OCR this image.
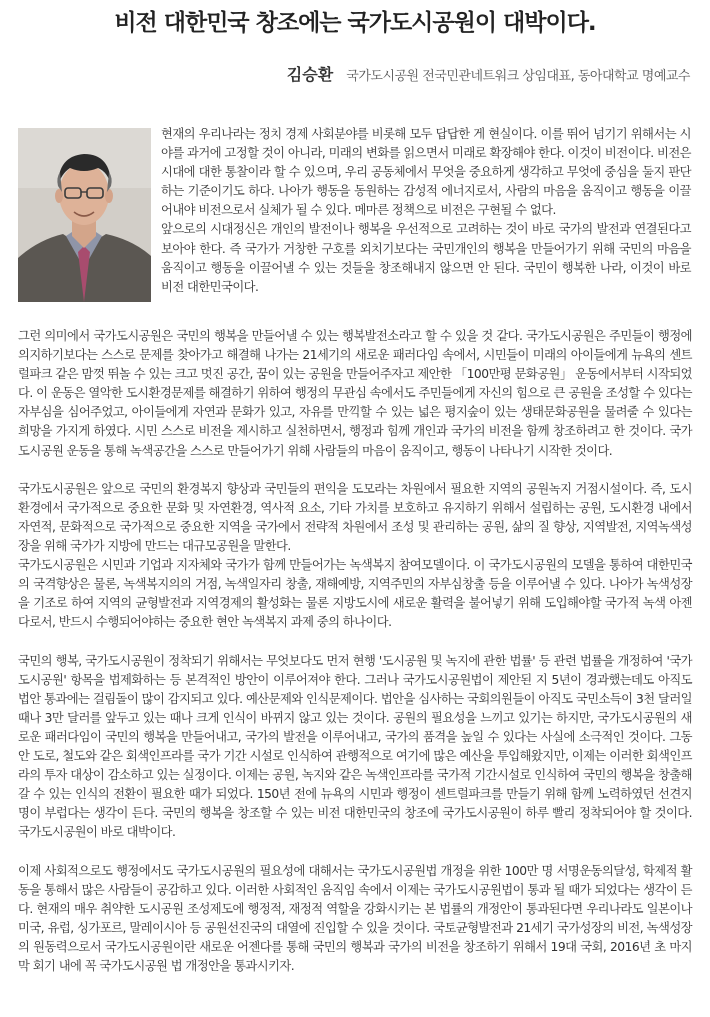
비전 대한민국 창조에는 국가도시공원이 대박이다.
김승환 국가도시공원 전국민관네트워크 상임대표, 동아대학교 명예교수

현재의 우리나라는 정치 경제 사회분야를 비롯해 모두 답답한 게 현실이다. 이를 뛰어 넘기기 위해서는 시야를 과거에 고정할 것이 아니라, 미래의 변화를 읽으면서 미래로 확장해야 한다. 이것이 비전이다. 비전은 시대에 대한 통찰이라 할 수 있으며, 우리 공동체에서 무엇을 중요하게 생각하고 무엇에 중심을 둘지 판단하는 기준이기도 하다. 나아가 행동을 동원하는 감성적 에너지로서, 사람의 마음을 움직이고 행동을 이끌어내야 비전으로서 실체가 될 수 있다. 메마른 정책으로 비전은 구현될 수 없다.

앞으로의 시대정신은 개인의 발전이나 행복을 우선적으로 고려하는 것이 바로 국가의 발전과 연결된다고 보아야 한다. 즉 국가가 거창한 구호를 외치기보다는 국민개인의 행복을 만들어가기 위해 국민의 마음을 움직이고 행동을 이끌어낼 수 있는 것들을 창조해내지 않으면 안 된다. 국민이 행복한 나라, 이것이 바로 비전 대한민국이다.

그런 의미에서 국가도시공원은 국민의 행복을 만들어낼 수 있는 행복발전소라고 할 수 있을 것 같다. 국가도시공원은 주민들이 행정에 의지하기보다는 스스로 문제를 찾아가고 해결해 나가는 21세기의 새로운 패러다임 속에서, 시민들이 미래의 아이들에게 뉴욕의 센트럴파크 같은 맘껏 뛰놀 수 있는 크고 멋진 공간, 꿈이 있는 공원을 만들어주자고 제안한 「100만평 문화공원」 운동에서부터 시작되었다. 이 운동은 열악한 도시환경문제를 해결하기 위하여 행정의 무관심 속에서도 주민들에게 자신의 힘으로 큰 공원을 조성할 수 있다는 자부심을 심어주었고, 아이들에게 자연과 문화가 있고, 자유를 만끽할 수 있는 넓은 평지숲이 있는 생태문화공원을 물려줄 수 있다는 희망을 가지게 하였다. 시민 스스로 비전을 제시하고 실천하면서, 행정과 힘께 개인과 국가의 비전을 함께 창조하려고 한 것이다. 국가도시공원 운동을 통해 녹색공간을 스스로 만들어가기 위해 사람들의 마음이 움직이고, 행동이 나타나기 시작한 것이다.

국가도시공원은 앞으로 국민의 환경복지 향상과 국민들의 편익을 도모라는 차원에서 필요한 지역의 공원녹지 거점시설이다. 즉, 도시환경에서 국가적으로 중요한 문화 및 자연환경, 역사적 요소, 기타 가치를 보호하고 유지하기 위해서 설립하는 공원, 도시환경 내에서 자연적, 문화적으로 국가적으로 중요한 지역을 국가에서 전략적 차원에서 조성 및 관리하는 공원, 삶의 질 향상, 지역발전, 지역녹색성장을 위해 국가가 지방에 만드는 대규모공원을 말한다.

국가도시공원은 시민과 기업과 지자체와 국가가 함께 만들어가는 녹색복지 참여모델이다. 이 국가도시공원의 모델을 통하여 대한민국의 국격향상은 물론, 녹색복지의의 거점, 녹색일자리 창출, 재해예방, 지역주민의 자부심창출 등을 이루어낼 수 있다. 나아가 녹색성장을 기조로 하여 지역의 균형발전과 지역경제의 활성화는 물론 지방도시에 새로운 활력을 불어넣기 위해 도입해야할 국가적 녹색 아젠다로서, 반드시 수행되어야하는 중요한 현안 녹색복지 과제 중의 하나이다.

국민의 행복, 국가도시공원이 정착되기 위해서는 무엇보다도 먼저 현행 '도시공원 및 녹지에 관한 법률' 등 관련 법률을 개정하여 '국가도시공원' 항목을 법제화하는 등 본격적인 방안이 이루어져야 한다. 그러나 국가도시공원법이 제안된 지 5년이 경과했는데도 아직도 법안 통과에는 걸림돌이 많이 감지되고 있다. 예산문제와 인식문제이다. 법안을 심사하는 국회의원들이 아직도 국민소득이 3천 달러일 때나 3만 달러를 앞두고 있는 때나 크게 인식이 바뀌지 않고 있는 것이다. 공원의 필요성을 느끼고 있기는 하지만, 국가도시공원의 새로운 패러다임이 국민의 행복을 만들어내고, 국가의 발전을 이루어내고, 국가의 품격을 높일 수 있다는 사실에 소극적인 것이다. 그동안 도로, 철도와 같은 회색인프라를 국가 기간 시설로 인식하여 관행적으로 여기에 많은 예산을 투입해왔지만, 이제는 이러한 회색인프라의 투자 대상이 감소하고 있는 실정이다. 이제는 공원, 녹지와 같은 녹색인프라를 국가적 기간시설로 인식하여 국민의 행복을 창출해갈 수 있는 인식의 전환이 필요한 때가 되었다. 150년 전에 뉴욕의 시민과 행정이 센트럴파크를 만들기 위해 함께 노력하였던 선견지명이 부럽다는 생각이 든다. 국민의 행복을 창조할 수 있는 비전 대한민국의 창조에 국가도시공원이 하루 빨리 정착되어야 할 것이다. 국가도시공원이 바로 대박이다.

이제 사회적으로도 행정에서도 국가도시공원의 필요성에 대해서는 국가도시공원법 개정을 위한 100만 명 서명운동의달성, 학제적 활동을 통해서 많은 사람들이 공감하고 있다. 이러한 사회적인 움직임 속에서 이제는 국가도시공원법이 통과 될 때가 되었다는 생각이 든다. 현재의 매우 취약한 도시공원 조성제도에 행정적, 재정적 역할을 강화시키는 본 법률의 개정안이 통과된다면 우리나라도 일본이나 미국, 유럽, 싱가포르, 말레이시아 등 공원선진국의 대열에 진입할 수 있을 것이다. 국토균형발전과 21세기 국가성장의 비전, 녹색성장의 원동력으로서 국가도시공원이란 새로운 어젠다를 통해 국민의 행복과 국가의 비전을 창조하기 위해서 19대 국회, 2016년 초 마지막 회기 내에 꼭 국가도시공원 법 개정안을 통과시키자.
